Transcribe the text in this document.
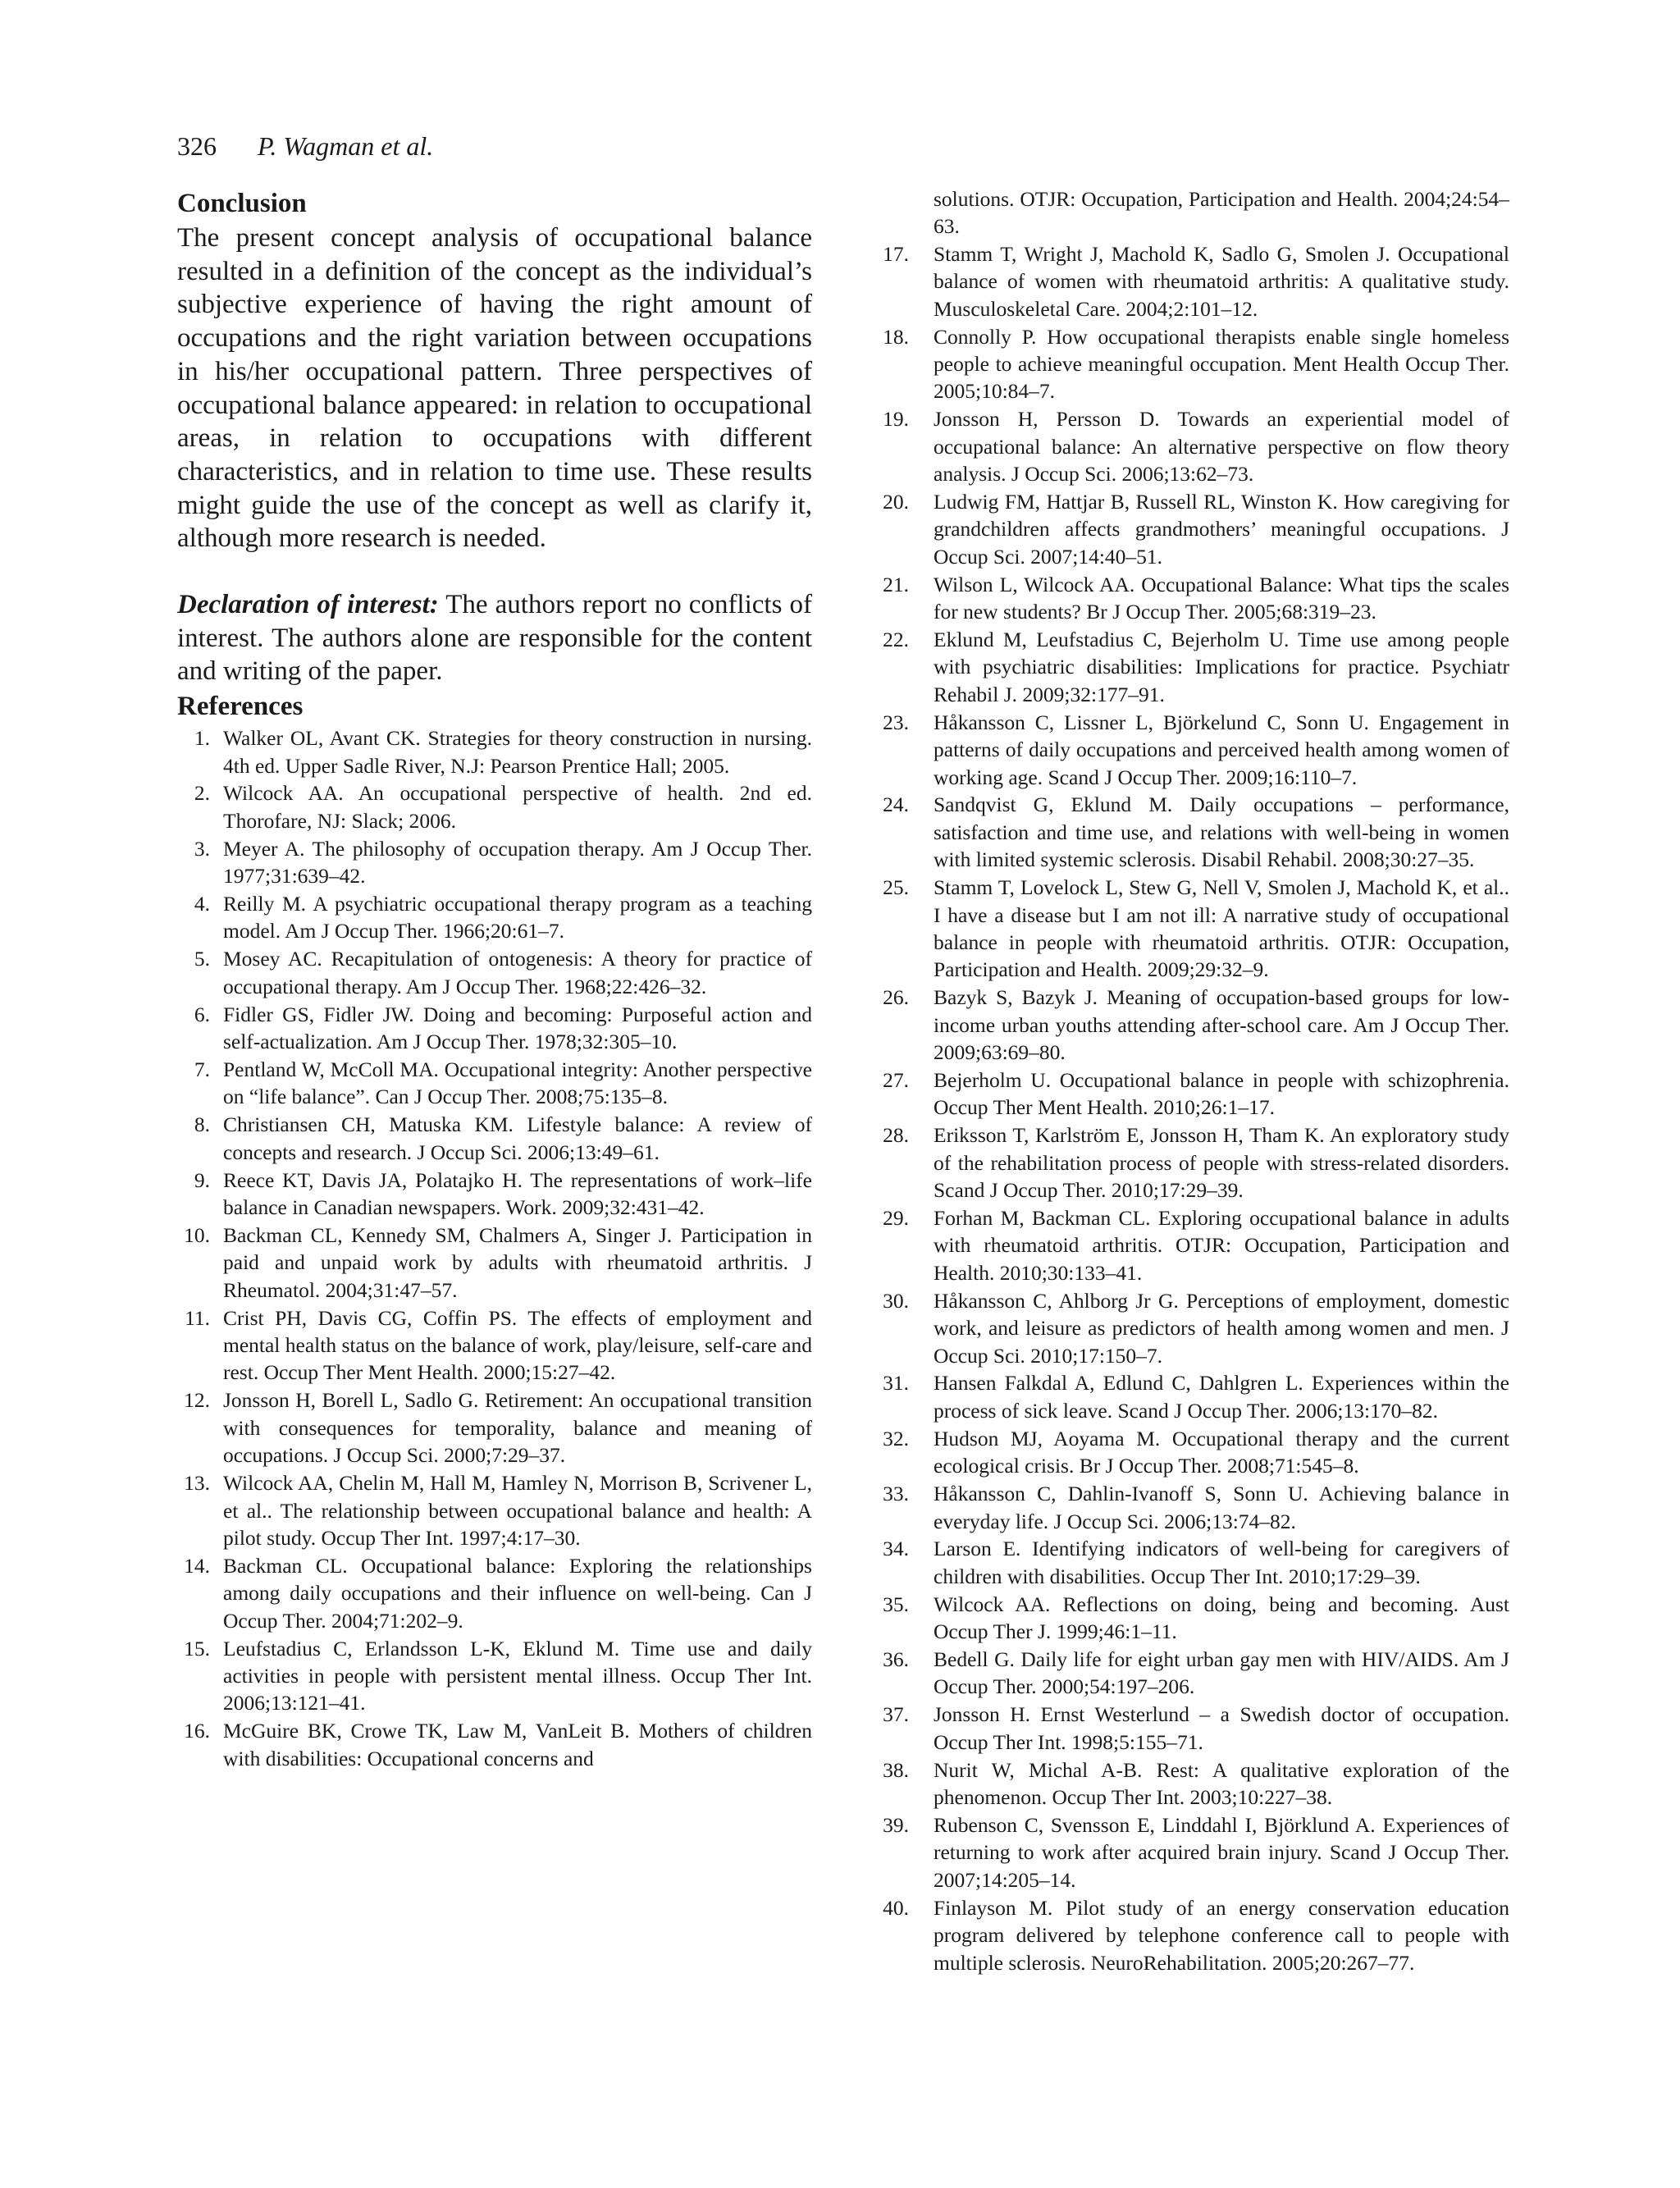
326 P. Wagman et al.
Conclusion

The present concept analysis of occupational balance resulted in a definition of the concept as the individual’s subjective experience of having the right amount of occupations and the right variation between occupations in his/her occupational pattern. Three perspectives of occupational balance appeared: in relation to occupational areas, in relation to occupations with different characteristics, and in relation to time use. These results might guide the use of the concept as well as clarify it, although more research is needed.

Declaration of interest: The authors report no conflicts of interest. The authors alone are responsible for the content and writing of the paper.

References
1. Walker OL, Avant CK. Strategies for theory construction in nursing. 4th ed. Upper Sadle River, N.J: Pearson Prentice Hall; 2005.
2. Wilcock AA. An occupational perspective of health. 2nd ed. Thorofare, NJ: Slack; 2006.
3. Meyer A. The philosophy of occupation therapy. Am J Occup Ther. 1977;31:639–42.
4. Reilly M. A psychiatric occupational therapy program as a teaching model. Am J Occup Ther. 1966;20:61–7.
5. Mosey AC. Recapitulation of ontogenesis: A theory for practice of occupational therapy. Am J Occup Ther. 1968;22:426–32.
6. Fidler GS, Fidler JW. Doing and becoming: Purposeful action and self-actualization. Am J Occup Ther. 1978;32:305–10.
7. Pentland W, McColl MA. Occupational integrity: Another perspective on “life balance”. Can J Occup Ther. 2008;75:135–8.
8. Christiansen CH, Matuska KM. Lifestyle balance: A review of concepts and research. J Occup Sci. 2006;13:49–61.
9. Reece KT, Davis JA, Polatajko H. The representations of work–life balance in Canadian newspapers. Work. 2009;32:431–42.
10. Backman CL, Kennedy SM, Chalmers A, Singer J. Participation in paid and unpaid work by adults with rheumatoid arthritis. J Rheumatol. 2004;31:47–57.
11. Crist PH, Davis CG, Coffin PS. The effects of employment and mental health status on the balance of work, play/leisure, self-care and rest. Occup Ther Ment Health. 2000;15:27–42.
12. Jonsson H, Borell L, Sadlo G. Retirement: An occupational transition with consequences for temporality, balance and meaning of occupations. J Occup Sci. 2000;7:29–37.
13. Wilcock AA, Chelin M, Hall M, Hamley N, Morrison B, Scrivener L, et al.. The relationship between occupational balance and health: A pilot study. Occup Ther Int. 1997;4:17–30.
14. Backman CL. Occupational balance: Exploring the relationships among daily occupations and their influence on well-being. Can J Occup Ther. 2004;71:202–9.
15. Leufstadius C, Erlandsson L-K, Eklund M. Time use and daily activities in people with persistent mental illness. Occup Ther Int. 2006;13:121–41.
16. McGuire BK, Crowe TK, Law M, VanLeit B. Mothers of children with disabilities: Occupational concerns and
solutions. OTJR: Occupation, Participation and Health. 2004;24:54–63.
17.	Stamm T, Wright J, Machold K, Sadlo G, Smolen J. Occupational balance of women with rheumatoid arthritis: A qualitative study. Musculoskeletal Care. 2004;2:101–12.
18.	Connolly P. How occupational therapists enable single homeless people to achieve meaningful occupation. Ment Health Occup Ther. 2005;10:84–7.
19.	Jonsson H, Persson D. Towards an experiential model of occupational balance: An alternative perspective on flow theory analysis. J Occup Sci. 2006;13:62–73.
20.	Ludwig FM, Hattjar B, Russell RL, Winston K. How caregiving for grandchildren affects grandmothers’ meaningful occupations. J Occup Sci. 2007;14:40–51.
21.	Wilson L, Wilcock AA. Occupational Balance: What tips the scales for new students? Br J Occup Ther. 2005;68:319–23.
22.	Eklund M, Leufstadius C, Bejerholm U. Time use among people with psychiatric disabilities: Implications for practice. Psychiatr Rehabil J. 2009;32:177–91.
23.	Håkansson C, Lissner L, Björkelund C, Sonn U. Engagement in patterns of daily occupations and perceived health among women of working age. Scand J Occup Ther. 2009;16:110–7.
24.	Sandqvist G, Eklund M. Daily occupations – performance, satisfaction and time use, and relations with well-being in women with limited systemic sclerosis. Disabil Rehabil. 2008;30:27–35.
25.	Stamm T, Lovelock L, Stew G, Nell V, Smolen J, Machold K, et al.. I have a disease but I am not ill: A narrative study of occupational balance in people with rheumatoid arthritis. OTJR: Occupation, Participation and Health. 2009;29:32–9.
26.	Bazyk S, Bazyk J. Meaning of occupation-based groups for low-income urban youths attending after-school care. Am J Occup Ther. 2009;63:69–80.
27.	Bejerholm U. Occupational balance in people with schizophrenia. Occup Ther Ment Health. 2010;26:1–17.
28.	Eriksson T, Karlström E, Jonsson H, Tham K. An exploratory study of the rehabilitation process of people with stress-related disorders. Scand J Occup Ther. 2010;17:29–39.
29.	Forhan M, Backman CL. Exploring occupational balance in adults with rheumatoid arthritis. OTJR: Occupation, Participation and Health. 2010;30:133–41.
30.	Håkansson C, Ahlborg Jr G. Perceptions of employment, domestic work, and leisure as predictors of health among women and men. J Occup Sci. 2010;17:150–7.
31.	Hansen Falkdal A, Edlund C, Dahlgren L. Experiences within the process of sick leave. Scand J Occup Ther. 2006;13:170–82.
32.	Hudson MJ, Aoyama M. Occupational therapy and the current ecological crisis. Br J Occup Ther. 2008;71:545–8.
33.	Håkansson C, Dahlin-Ivanoff S, Sonn U. Achieving balance in everyday life. J Occup Sci. 2006;13:74–82.
34.	Larson E. Identifying indicators of well-being for caregivers of children with disabilities. Occup Ther Int. 2010;17:29–39.
35.	Wilcock AA. Reflections on doing, being and becoming. Aust Occup Ther J. 1999;46:1–11.
36.	Bedell G. Daily life for eight urban gay men with HIV/AIDS. Am J Occup Ther. 2000;54:197–206.
37.	Jonsson H. Ernst Westerlund – a Swedish doctor of occupation. Occup Ther Int. 1998;5:155–71.
38.	Nurit W, Michal A-B. Rest: A qualitative exploration of the phenomenon. Occup Ther Int. 2003;10:227–38.
39.	Rubenson C, Svensson E, Linddahl I, Björklund A. Experiences of returning to work after acquired brain injury. Scand J Occup Ther. 2007;14:205–14.
40.	Finlayson M. Pilot study of an energy conservation education program delivered by telephone conference call to people with multiple sclerosis. NeuroRehabilitation. 2005;20:267–77.
